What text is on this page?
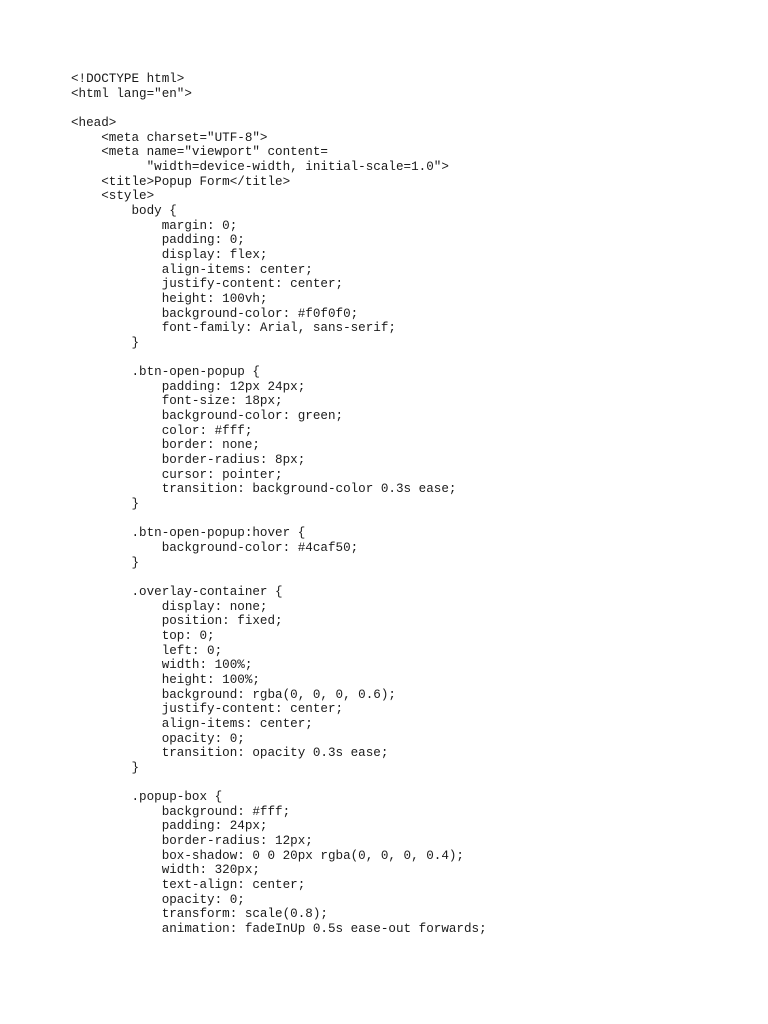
<!DOCTYPE html>
<html lang="en">
<head>
<meta charset="UTF-8">
<meta name="viewport" content=
"width=device-width, initial-scale=1.0">
<title>Popup Form</title>
<style>
body {
margin: 0;
padding: 0;
display: flex;
align-items: center;
justify-content: center;
height: 100vh;
background-color: #f0f0f0;
font-family: Arial, sans-serif;
}
.btn-open-popup {
padding: 12px 24px;
font-size: 18px;
background-color: green;
color: #fff;
border: none;
border-radius: 8px;
cursor: pointer;
transition: background-color 0.3s ease;
}
.btn-open-popup:hover {
background-color: #4caf50;
}
.overlay-container {
display: none;
position: fixed;
top: 0;
left: 0;
width: 100%;
height: 100%;
background: rgba(0, 0, 0, 0.6);
justify-content: center;
align-items: center;
opacity: 0;
transition: opacity 0.3s ease;
}
.popup-box {
background: #fff;
padding: 24px;
border-radius: 12px;
box-shadow: 0 0 20px rgba(0, 0, 0, 0.4);
width: 320px;
text-align: center;
opacity: 0;
transform: scale(0.8);
animation: fadeInUp 0.5s ease-out forwards;
